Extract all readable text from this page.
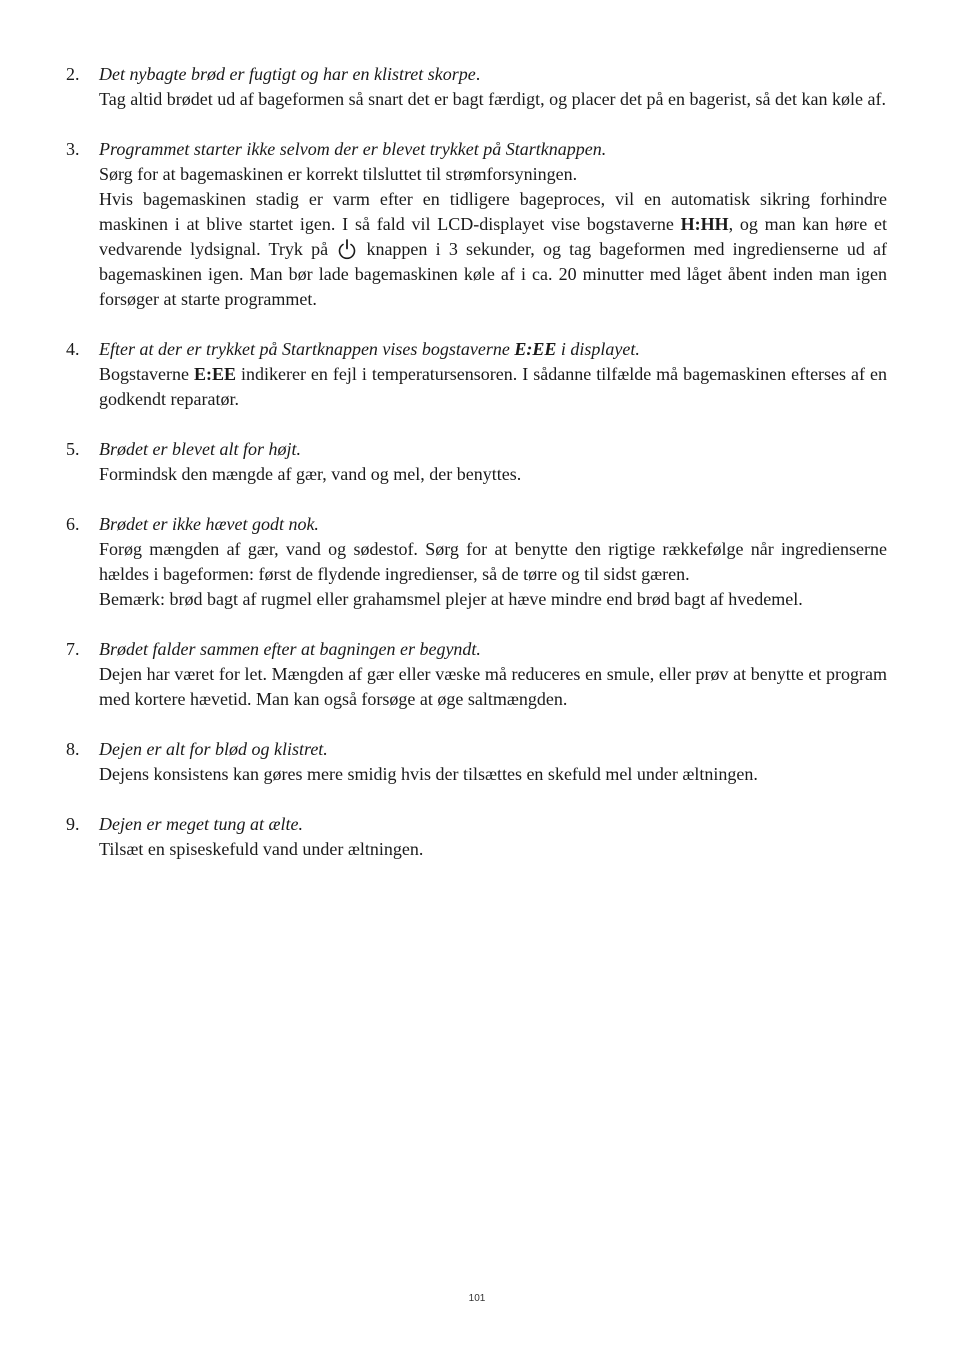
2. Det nybagte brød er fugtigt og har en klistret skorpe.
Tag altid brødet ud af bageformen så snart det er bagt færdigt, og placer det på en bagerist, så det kan køle af.
3. Programmet starter ikke selvom der er blevet trykket på Startknappen.
Sørg for at bagemaskinen er korrekt tilsluttet til strømforsyningen.
Hvis bagemaskinen stadig er varm efter en tidligere bageproces, vil en automatisk sikring forhindre maskinen i at blive startet igen. I så fald vil LCD-displayet vise bogstaverne H:HH, og man kan høre et vedvarende lydsignal. Tryk på  knappen i 3 sekunder, og tag bageformen med ingredienserne ud af bagemaskinen igen. Man bør lade bagemaskinen køle af i ca. 20 minutter med låget åbent inden man igen forsøger at starte programmet.
4. Efter at der er trykket på Startknappen vises bogstaverne E:EE i displayet.
Bogstaverne E:EE indikerer en fejl i temperatursensoren. I sådanne tilfælde må bagemaskinen efterses af en godkendt reparatør.
5. Brødet er blevet alt for højt.
Formindsk den mængde af gær, vand og mel, der benyttes.
6. Brødet er ikke hævet godt nok.
Forøg mængden af gær, vand og sødestof. Sørg for at benytte den rigtige rækkefølge når ingredienserne hældes i bageformen: først de flydende ingredienser, så de tørre og til sidst gæren.
Bemærk: brød bagt af rugmel eller grahamsmel plejer at hæve mindre end brød bagt af hvedemel.
7. Brødet falder sammen efter at bagningen er begyndt.
Dejen har været for let. Mængden af gær eller væske må reduceres en smule, eller prøv at benytte et program med kortere hævetid. Man kan også forsøge at øge saltmængden.
8. Dejen er alt for blød og klistret.
Dejens konsistens kan gøres mere smidig hvis der tilsættes en skefuld mel under æltningen.
9. Dejen er meget tung at ælte.
Tilsæt en spiseskefuld vand under æltningen.
101
